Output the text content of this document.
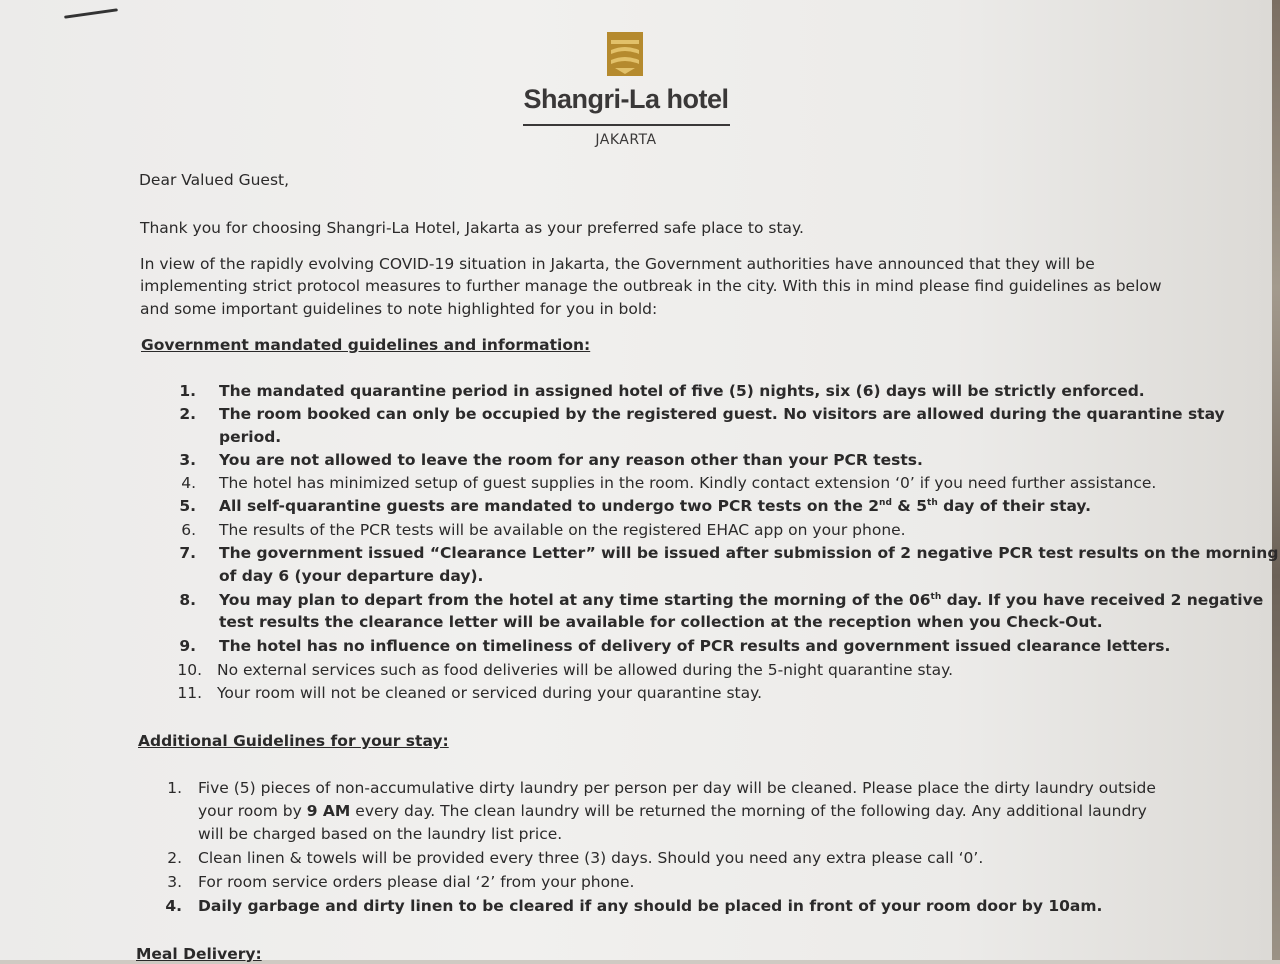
Shangri-La hotel
JAKARTA
Dear Valued Guest,
Thank you for choosing Shangri-La Hotel, Jakarta as your preferred safe place to stay.
In view of the rapidly evolving COVID-19 situation in Jakarta, the Government authorities have announced that they will be
implementing strict protocol measures to further manage the outbreak in the city. With this in mind please find guidelines as below
and some important guidelines to note highlighted for you in bold:
Government mandated guidelines and information:
1. The mandated quarantine period in assigned hotel of five (5) nights, six (6) days will be strictly enforced.
2. The room booked can only be occupied by the registered guest. No visitors are allowed during the quarantine stay
period.
3. You are not allowed to leave the room for any reason other than your PCR tests.
4. The hotel has minimized setup of guest supplies in the room. Kindly contact extension ‘0’ if you need further assistance.
5. All self-quarantine guests are mandated to undergo two PCR tests on the 2nd & 5th day of their stay.
6. The results of the PCR tests will be available on the registered EHAC app on your phone.
7. The government issued “Clearance Letter” will be issued after submission of 2 negative PCR test results on the morning
of day 6 (your departure day).
8. You may plan to depart from the hotel at any time starting the morning of the 06th day. If you have received 2 negative
test results the clearance letter will be available for collection at the reception when you Check-Out.
9. The hotel has no influence on timeliness of delivery of PCR results and government issued clearance letters.
10. No external services such as food deliveries will be allowed during the 5-night quarantine stay.
11. Your room will not be cleaned or serviced during your quarantine stay.
Additional Guidelines for your stay:
1. Five (5) pieces of non-accumulative dirty laundry per person per day will be cleaned. Please place the dirty laundry outside
your room by 9 AM every day. The clean laundry will be returned the morning of the following day. Any additional laundry
will be charged based on the laundry list price.
2. Clean linen & towels will be provided every three (3) days. Should you need any extra please call ‘0’.
3. For room service orders please dial ‘2’ from your phone.
4. Daily garbage and dirty linen to be cleared if any should be placed in front of your room door by 10am.
Meal Delivery:
